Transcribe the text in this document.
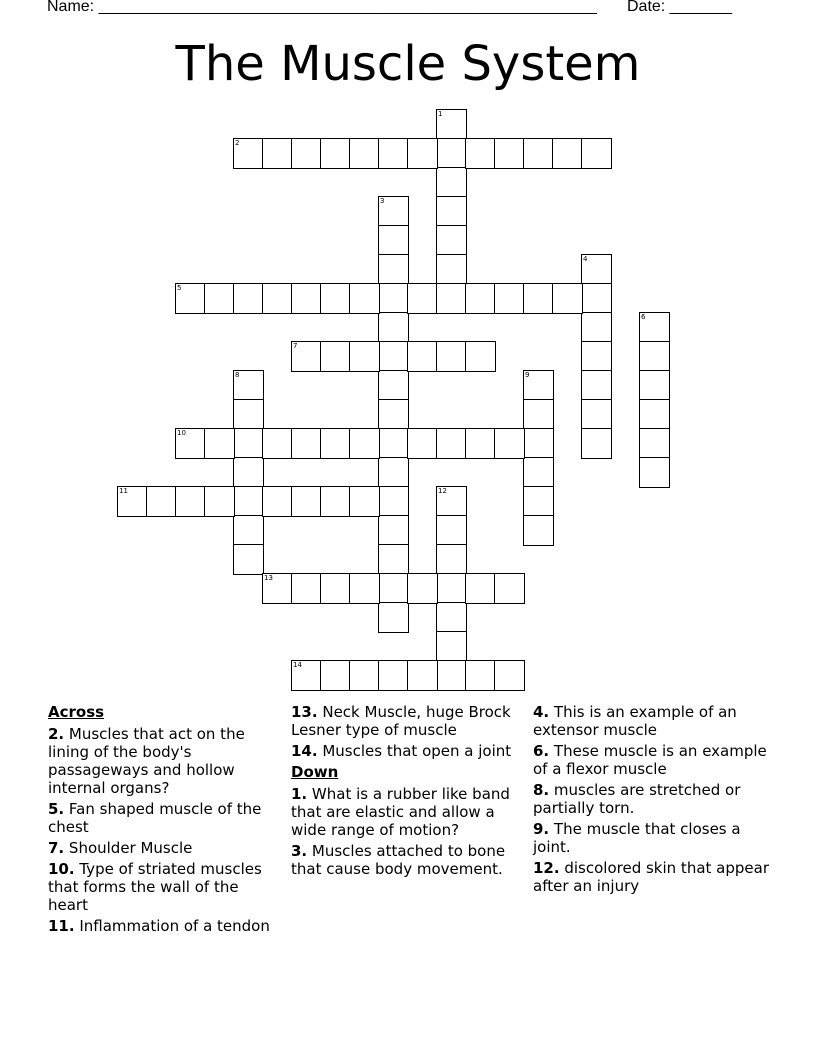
Name: ________________________________________________________ Date: _______
The Muscle System
1
2
3
4
5
6
7
8	9
10
11	12
13
14
Across
2. Muscles that act on the lining of the body's passageways and hollow internal organs?
5. Fan shaped muscle of the chest
7. Shoulder Muscle
10. Type of striated muscles that forms the wall of the heart
11. Inflammation of a tendon
13. Neck Muscle, huge Brock Lesner type of muscle
14. Muscles that open a joint
Down
1. What is a rubber like band that are elastic and allow a wide range of motion?
3. Muscles attached to bone that cause body movement.
4. This is an example of an extensor muscle
6. These muscle is an example of a flexor muscle
8. muscles are stretched or partially torn.
9. The muscle that closes a joint.
12. discolored skin that appear after an injury
